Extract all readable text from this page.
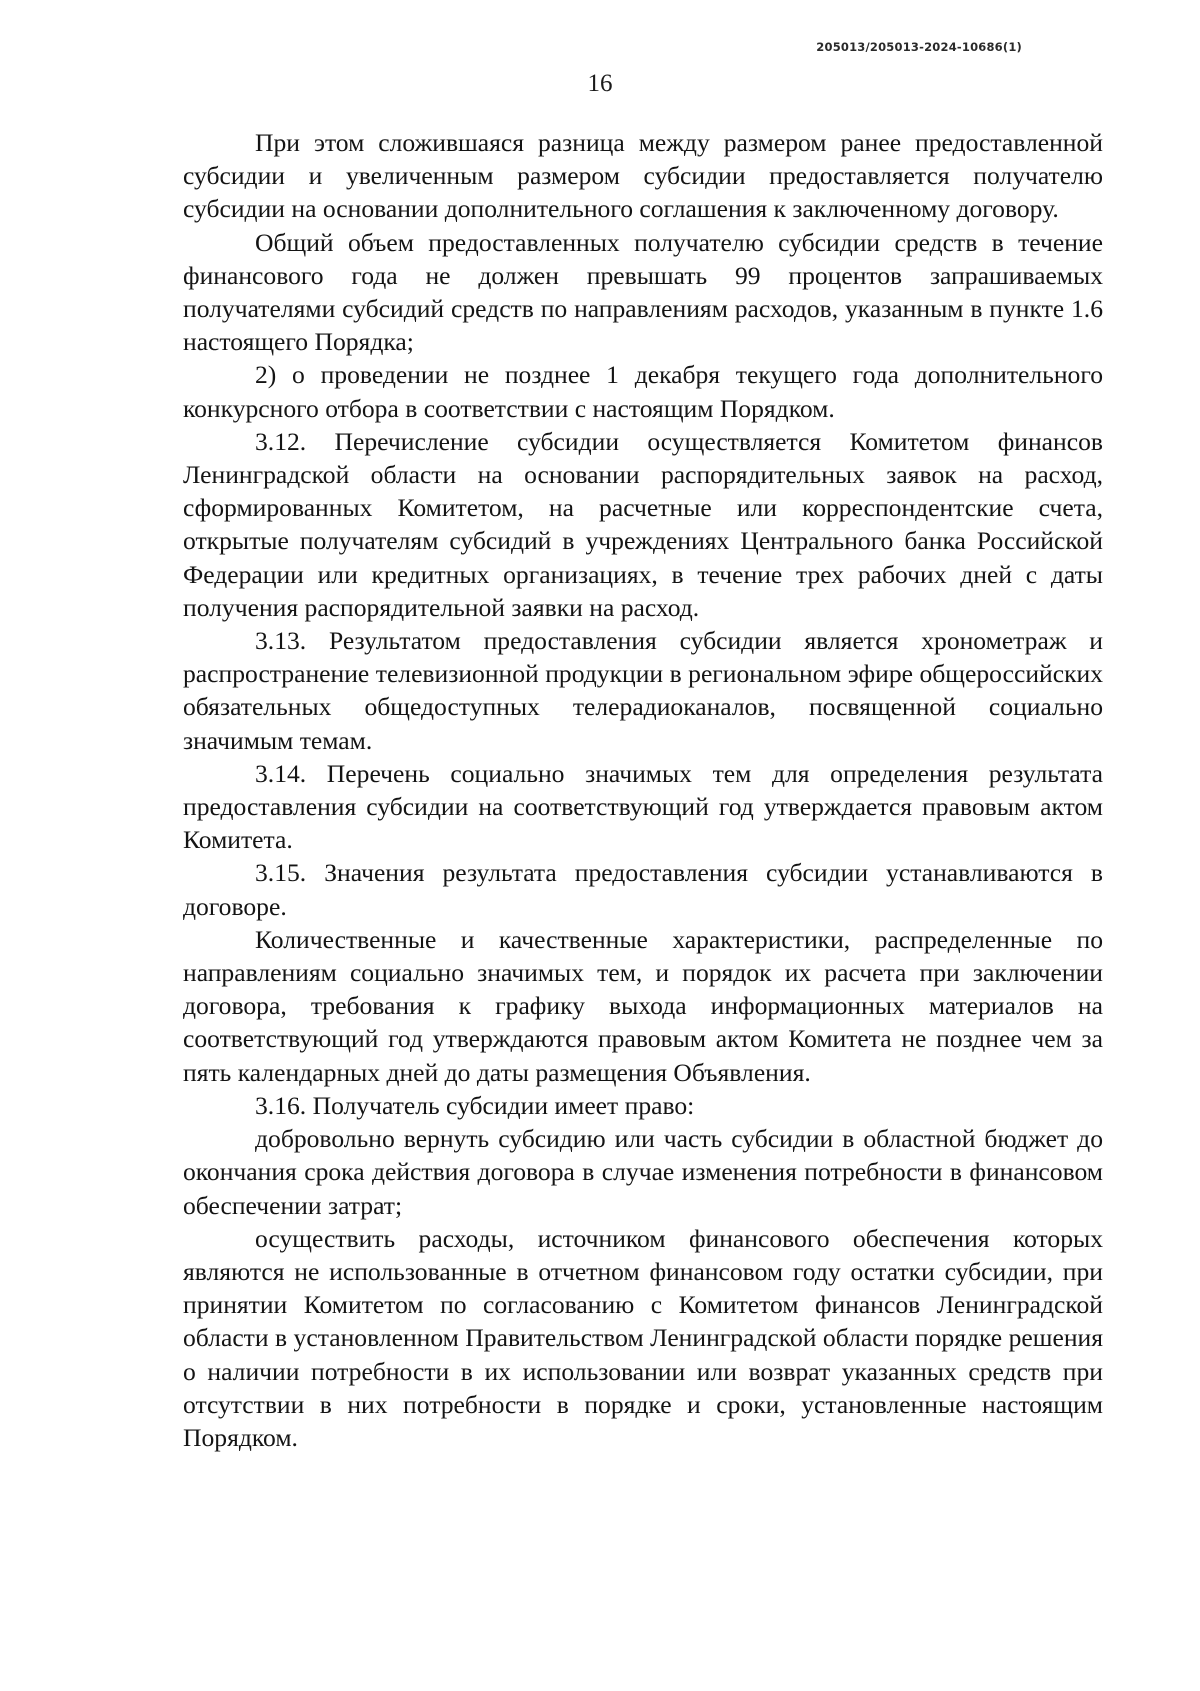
205013/205013-2024-10686(1)
16

При этом сложившаяся разница между размером ранее предоставленной субсидии и увеличенным размером субсидии предоставляется получателю субсидии на основании дополнительного соглашения к заключенному договору.

Общий объем предоставленных получателю субсидии средств в течение финансового года не должен превышать 99 процентов запрашиваемых получателями субсидий средств по направлениям расходов, указанным в пункте 1.6 настоящего Порядка;

2) о проведении не позднее 1 декабря текущего года дополнительного конкурсного отбора в соответствии с настоящим Порядком.

3.12. Перечисление субсидии осуществляется Комитетом финансов Ленинградской области на основании распорядительных заявок на расход, сформированных Комитетом, на расчетные или корреспондентские счета, открытые получателям субсидий в учреждениях Центрального банка Российской Федерации или кредитных организациях, в течение трех рабочих дней с даты получения распорядительной заявки на расход.

3.13. Результатом предоставления субсидии является хронометраж и распространение телевизионной продукции в региональном эфире общероссийских обязательных общедоступных телерадиоканалов, посвященной социально значимым темам.

3.14. Перечень социально значимых тем для определения результата предоставления субсидии на соответствующий год утверждается правовым актом Комитета.

3.15. Значения результата предоставления субсидии устанавливаются в договоре.

Количественные и качественные характеристики, распределенные по направлениям социально значимых тем, и порядок их расчета при заключении договора, требования к графику выхода информационных материалов на соответствующий год утверждаются правовым актом Комитета не позднее чем за пять календарных дней до даты размещения Объявления.

3.16. Получатель субсидии имеет право:

добровольно вернуть субсидию или часть субсидии в областной бюджет до окончания срока действия договора в случае изменения потребности в финансовом обеспечении затрат;

осуществить расходы, источником финансового обеспечения которых являются не использованные в отчетном финансовом году остатки субсидии, при принятии Комитетом по согласованию с Комитетом финансов Ленинградской области в установленном Правительством Ленинградской области порядке решения о наличии потребности в их использовании или возврат указанных средств при отсутствии в них потребности в порядке и сроки, установленные настоящим Порядком.
